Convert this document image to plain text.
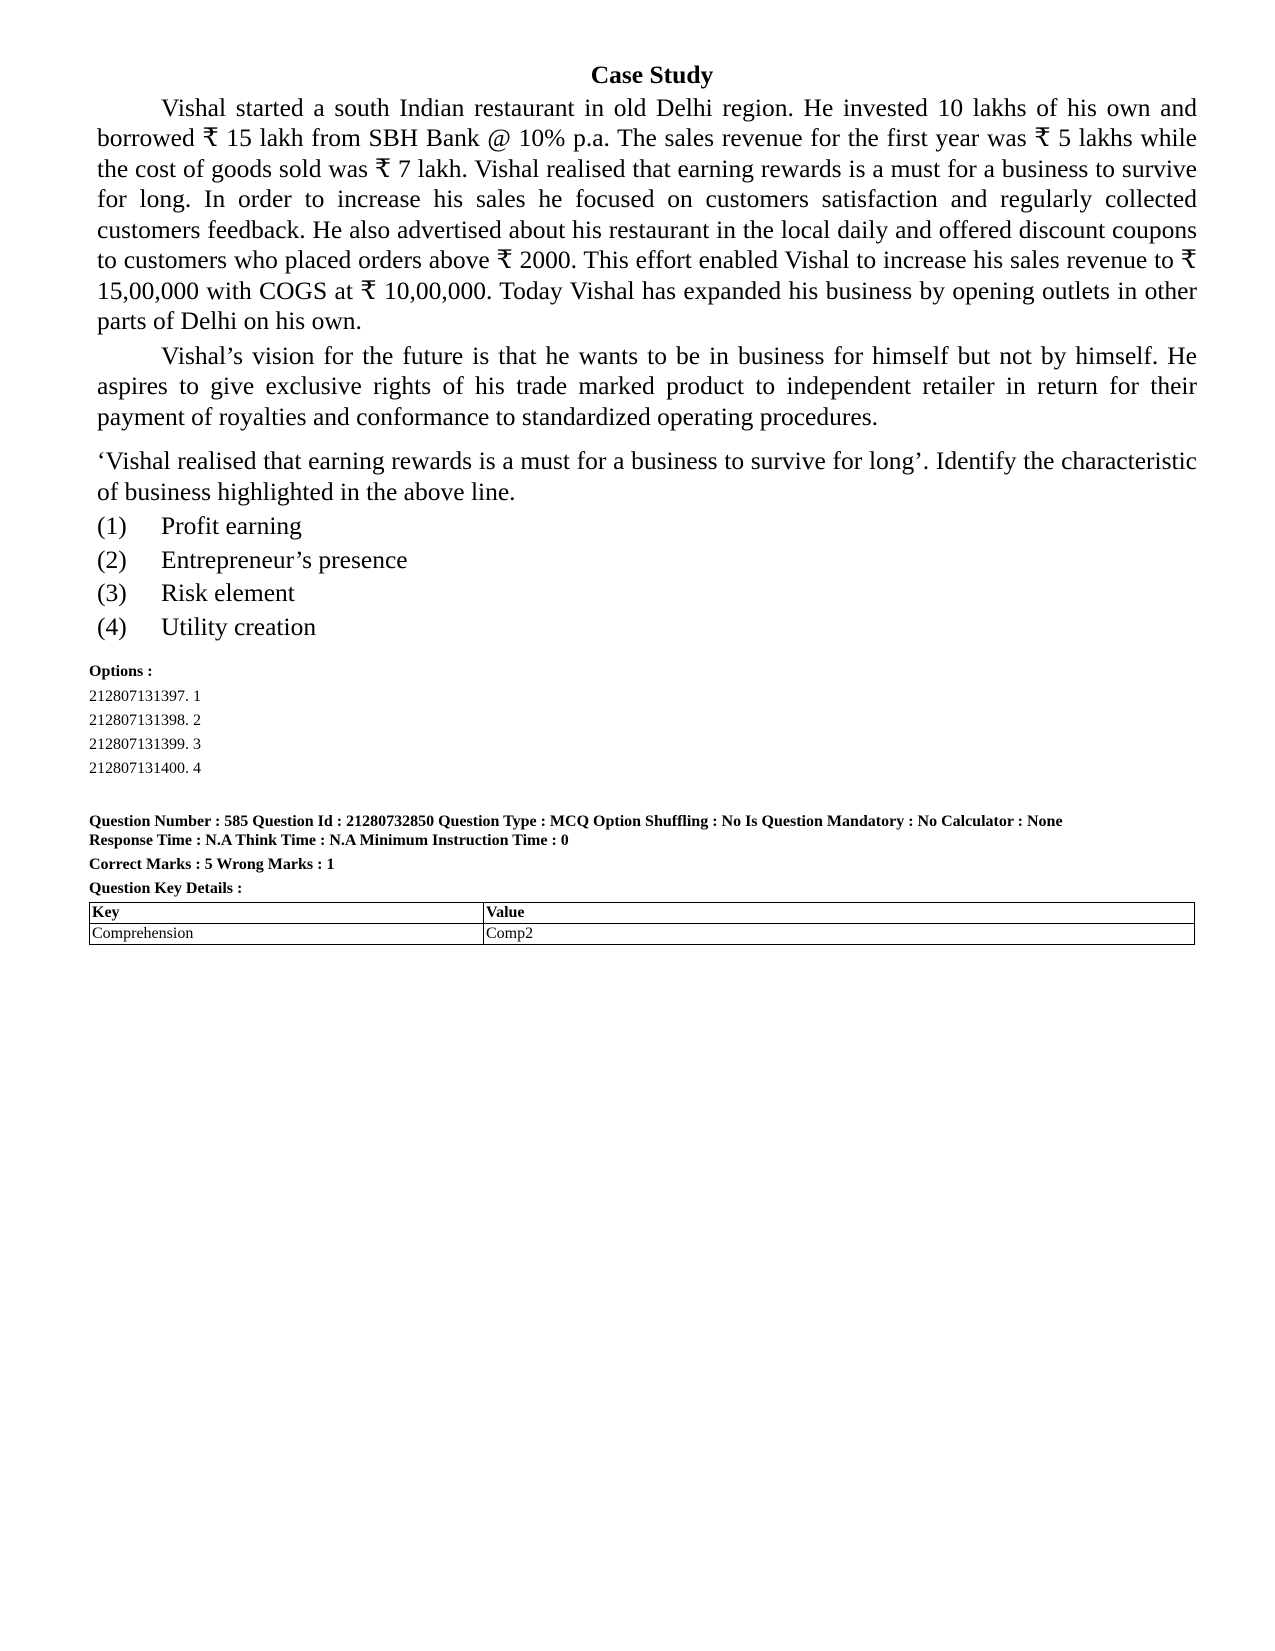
Case Study

Vishal started a south Indian restaurant in old Delhi region. He invested 10 lakhs of his own and borrowed ₹ 15 lakh from SBH Bank @ 10% p.a. The sales revenue for the first year was ₹ 5 lakhs while the cost of goods sold was ₹ 7 lakh. Vishal realised that earning rewards is a must for a business to survive for long. In order to increase his sales he focused on customers satisfaction and regularly collected customers feedback. He also advertised about his restaurant in the local daily and offered discount coupons to customers who placed orders above ₹ 2000. This effort enabled Vishal to increase his sales revenue to ₹ 15,00,000 with COGS at ₹ 10,00,000. Today Vishal has expanded his business by opening outlets in other parts of Delhi on his own.

Vishal’s vision for the future is that he wants to be in business for himself but not by himself. He aspires to give exclusive rights of his trade marked product to independent retailer in return for their payment of royalties and conformance to standardized operating procedures.

‘Vishal realised that earning rewards is a must for a business to survive for long’. Identify the characteristic of business highlighted in the above line.

(1)	Profit earning
(2)	Entrepreneur’s presence
(3)	Risk element
(4)	Utility creation
Options :
212807131397. 1
212807131398. 2
212807131399. 3
212807131400. 4
Question Number : 585 Question Id : 21280732850 Question Type : MCQ Option Shuffling : No Is Question Mandatory : No Calculator : None
Response Time : N.A Think Time : N.A Minimum Instruction Time : 0
Correct Marks : 5 Wrong Marks : 1
Question Key Details :
Key	Value
Comprehension	Comp2
